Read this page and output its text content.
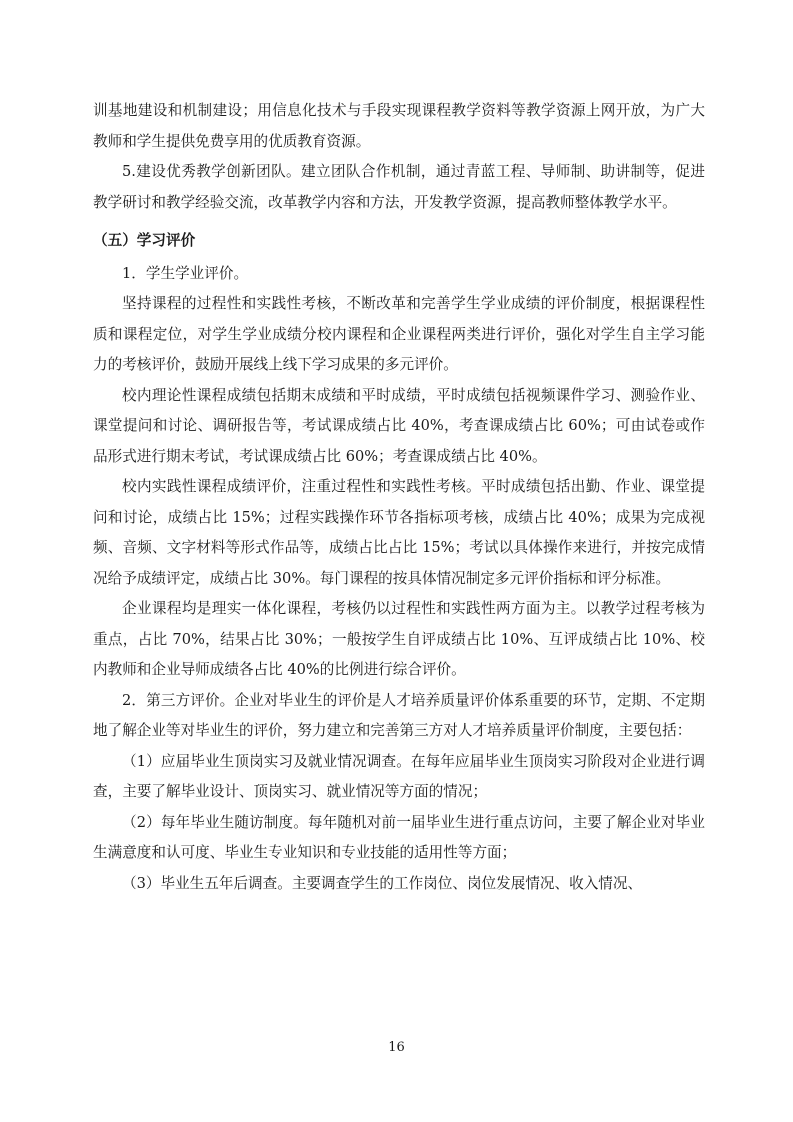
训基地建设和机制建设；用信息化技术与手段实现课程教学资料等教学资源上网开放，为广大教师和学生提供免费享用的优质教育资源。

5.建设优秀教学创新团队。建立团队合作机制，通过青蓝工程、导师制、助讲制等，促进教学研讨和教学经验交流，改革教学内容和方法，开发教学资源，提高教师整体教学水平。

（五）学习评价

1．学生学业评价。

坚持课程的过程性和实践性考核，不断改革和完善学生学业成绩的评价制度，根据课程性质和课程定位，对学生学业成绩分校内课程和企业课程两类进行评价，强化对学生自主学习能力的考核评价，鼓励开展线上线下学习成果的多元评价。

校内理论性课程成绩包括期末成绩和平时成绩，平时成绩包括视频课件学习、测验作业、课堂提问和讨论、调研报告等，考试课成绩占比 40%，考查课成绩占比 60%；可由试卷或作品形式进行期末考试，考试课成绩占比 60%；考查课成绩占比 40%。

校内实践性课程成绩评价，注重过程性和实践性考核。平时成绩包括出勤、作业、课堂提问和讨论，成绩占比 15%；过程实践操作环节各指标项考核，成绩占比 40%；成果为完成视频、音频、文字材料等形式作品等，成绩占比占比 15%；考试以具体操作来进行，并按完成情况给予成绩评定，成绩占比 30%。每门课程的按具体情况制定多元评价指标和评分标准。

企业课程均是理实一体化课程，考核仍以过程性和实践性两方面为主。以教学过程考核为重点，占比 70%，结果占比 30%；一般按学生自评成绩占比 10%、互评成绩占比 10%、校内教师和企业导师成绩各占比 40%的比例进行综合评价。

2．第三方评价。企业对毕业生的评价是人才培养质量评价体系重要的环节，定期、不定期地了解企业等对毕业生的评价，努力建立和完善第三方对人才培养质量评价制度，主要包括：

（1）应届毕业生顶岗实习及就业情况调查。在每年应届毕业生顶岗实习阶段对企业进行调查，主要了解毕业设计、顶岗实习、就业情况等方面的情况；

（2）每年毕业生随访制度。每年随机对前一届毕业生进行重点访问，主要了解企业对毕业生满意度和认可度、毕业生专业知识和专业技能的适用性等方面；

（3）毕业生五年后调查。主要调查学生的工作岗位、岗位发展情况、收入情况、

16
